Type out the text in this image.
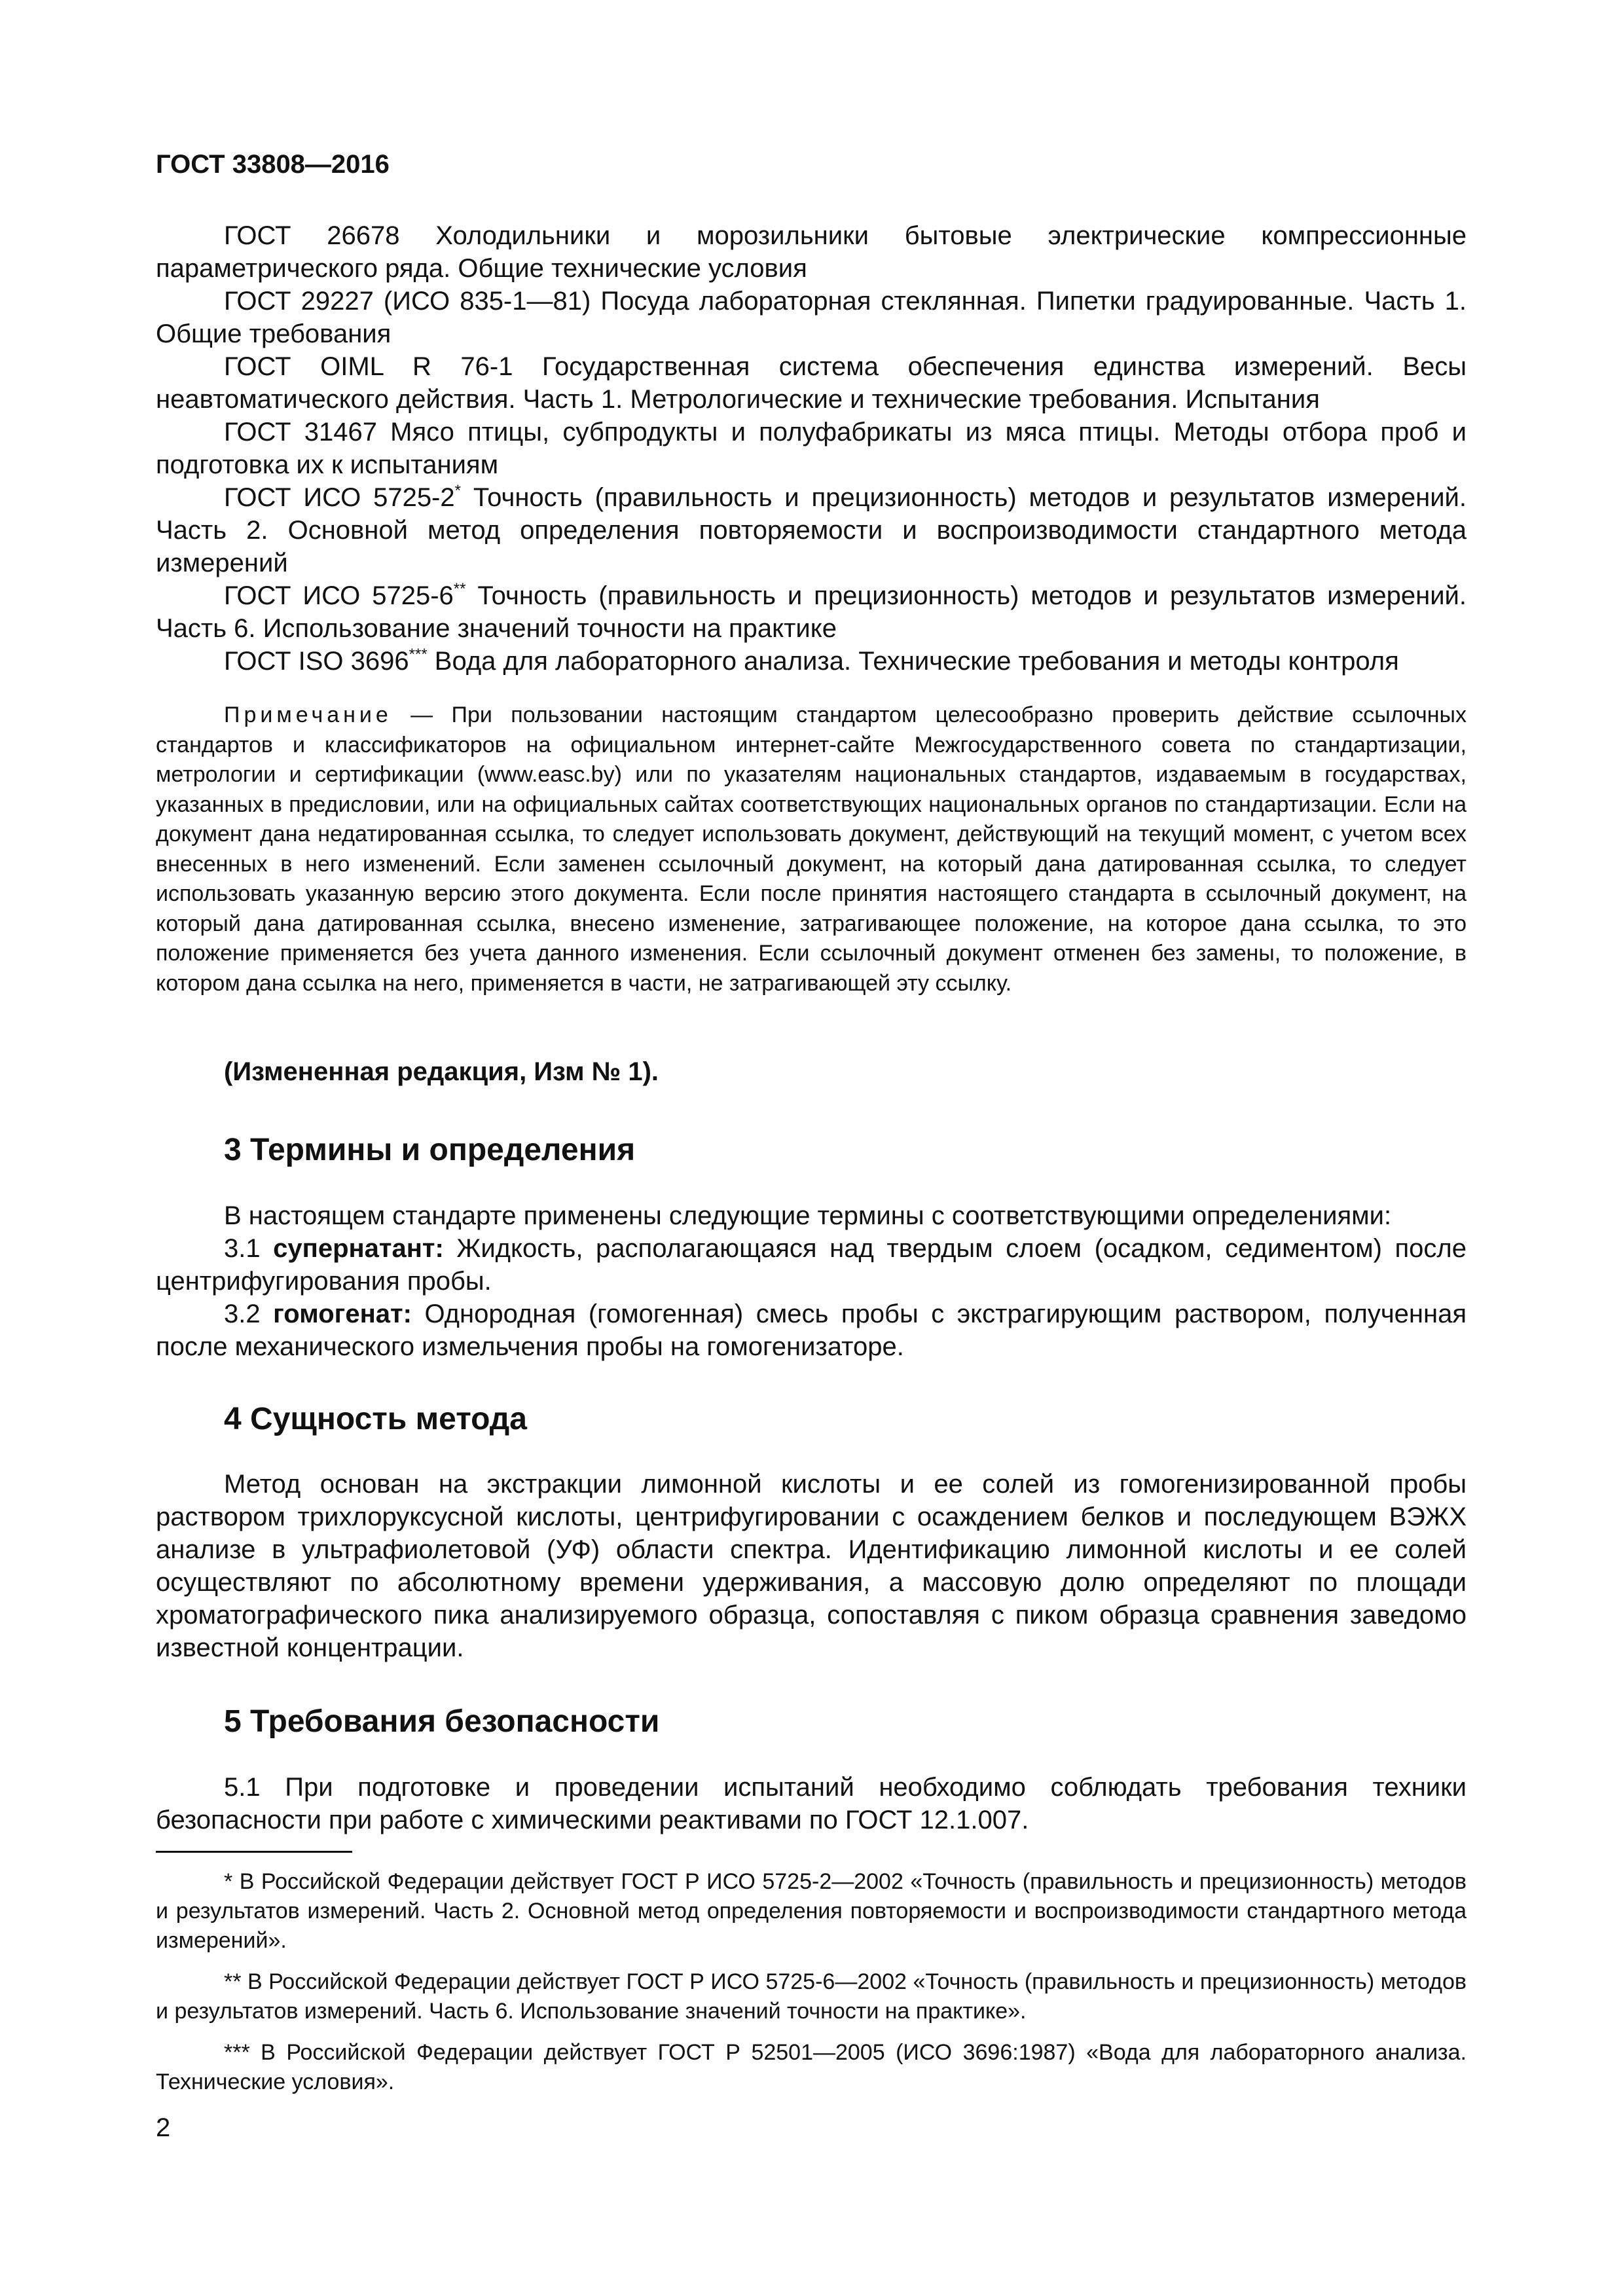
ГОСТ 33808—2016

ГОСТ 26678 Холодильники и морозильники бытовые электрические компрессионные параметрического ряда. Общие технические условия

ГОСТ 29227 (ИСО 835-1—81) Посуда лабораторная стеклянная. Пипетки градуированные. Часть 1. Общие требования

ГОСТ OIML R 76-1 Государственная система обеспечения единства измерений. Весы неавтоматического действия. Часть 1. Метрологические и технические требования. Испытания

ГОСТ 31467 Мясо птицы, субпродукты и полуфабрикаты из мяса птицы. Методы отбора проб и подготовка их к испытаниям

ГОСТ ИСО 5725-2* Точность (правильность и прецизионность) методов и результатов измерений. Часть 2. Основной метод определения повторяемости и воспроизводимости стандартного метода измерений

ГОСТ ИСО 5725-6** Точность (правильность и прецизионность) методов и результатов измерений. Часть 6. Использование значений точности на практике

ГОСТ ISO 3696*** Вода для лабораторного анализа. Технические требования и методы контроля

Примечание — При пользовании настоящим стандартом целесообразно проверить действие ссылочных стандартов и классификаторов на официальном интернет-сайте Межгосударственного совета по стандартизации, метрологии и сертификации (www.easc.by) или по указателям национальных стандартов, издаваемым в государствах, указанных в предисловии, или на официальных сайтах соответствующих национальных органов по стандартизации. Если на документ дана недатированная ссылка, то следует использовать документ, действующий на текущий момент, с учетом всех внесенных в него изменений. Если заменен ссылочный документ, на который дана датированная ссылка, то следует использовать указанную версию этого документа. Если после принятия настоящего стандарта в ссылочный документ, на который дана датированная ссылка, внесено изменение, затрагивающее положение, на которое дана ссылка, то это положение применяется без учета данного изменения. Если ссылочный документ отменен без замены, то положение, в котором дана ссылка на него, применяется в части, не затрагивающей эту ссылку.

(Измененная редакция, Изм № 1).
3 Термины и определения

В настоящем стандарте применены следующие термины с соответствующими определениями:

3.1 супернатант: Жидкость, располагающаяся над твердым слоем (осадком, седиментом) после центрифугирования пробы.

3.2 гомогенат: Однородная (гомогенная) смесь пробы с экстрагирующим раствором, полученная после механического измельчения пробы на гомогенизаторе.

4 Сущность метода

Метод основан на экстракции лимонной кислоты и ее солей из гомогенизированной пробы раствором трихлоруксусной кислоты, центрифугировании с осаждением белков и последующем ВЭЖХ анализе в ультрафиолетовой (УФ) области спектра. Идентификацию лимонной кислоты и ее солей осуществляют по абсолютному времени удерживания, а массовую долю определяют по площади хроматографического пика анализируемого образца, сопоставляя с пиком образца сравнения заведомо известной концентрации.

5 Требования безопасности

5.1 При подготовке и проведении испытаний необходимо соблюдать требования техники безопасности при работе с химическими реактивами по ГОСТ 12.1.007.

* В Российской Федерации действует ГОСТ Р ИСО 5725-2—2002 «Точность (правильность и прецизионность) методов и результатов измерений. Часть 2. Основной метод определения повторяемости и воспроизводимости стандартного метода измерений».

** В Российской Федерации действует ГОСТ Р ИСО 5725-6—2002 «Точность (правильность и прецизионность) методов и результатов измерений. Часть 6. Использование значений точности на практике».

*** В Российской Федерации действует ГОСТ Р 52501—2005 (ИСО 3696:1987) «Вода для лабораторного анализа. Технические условия».

2
